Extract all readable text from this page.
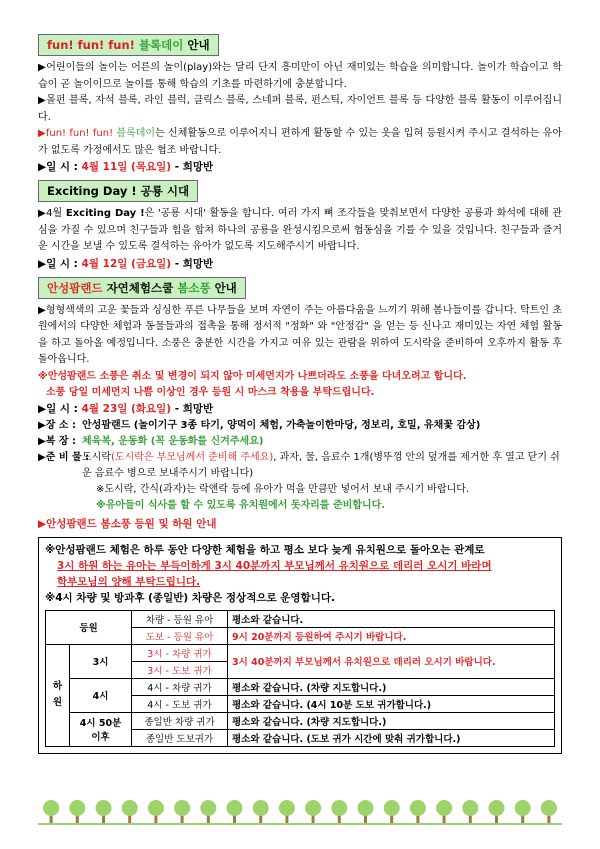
fun! fun! fun! 블록데이 안내

▶어린이들의 놀이는 어른의 놀이(play)와는 달리 단지 흥미만이 아닌 재미있는 학습을 의미합니다. 놀이가 학습이고 학습이 곧 놀이이므로 놀이를 통해 학습의 기초를 마련하기에 충분합니다.

▶몰펀 블록, 자석 블록, 라인 블럭, 클릭스 블록, 스네퍼 블록, 펀스틱, 자이언트 블록 등 다양한 블록 활동이 이루어집니다.

▶fun! fun! fun! 블록데이는 신체활동으로 이루어지니 편하게 활동할 수 있는 옷을 입혀 등원시켜 주시고 결석하는 유아가 없도록 가정에서도 많은 협조 바랍니다.

▶일 시 : 4월 11일 (목요일) - 희망반

Exciting Day ! 공룡 시대

▶4월 Exciting Day !은 '공룡 시대' 활동을 합니다. 여러 가지 뼈 조각들을 맞춰보면서 다양한 공룡과 화석에 대해 관심을 가질 수 있으며 친구들과 힘을 합쳐 하나의 공룡을 완성시킴으로써 협동심을 기를 수 있을 것입니다. 친구들과 즐거운 시간을 보낼 수 있도록 결석하는 유아가 없도록 지도해주시기 바랍니다.

▶일 시 : 4월 12일 (금요일) - 희망반

안성팜랜드 자연체험스쿨 봄소풍 안내

▶형형색색의 고운 꽃들과 싱싱한 푸른 나무들을 보며 자연이 주는 아름다움을 느끼기 위해 봄나들이를 갑니다. 탁트인 초원에서의 다양한 체험과 동물들과의 접촉을 통해 정서적 "정화" 와 "안정감" 을 얻는 등 신나고 재미있는 자연 체험 활동을 하고 돌아올 예정입니다. 소풍은 충분한 시간을 가지고 여유 있는 관람을 위하여 도시락을 준비하여 오후까지 활동 후 돌아옵니다.

※안성팜랜드 소풍은 취소 및 변경이 되지 않아 미세먼지가 나쁘더라도 소풍을 다녀오려고 합니다.

소풍 당일 미세먼지 나쁨 이상인 경우 등원 시 마스크 착용을 부탁드립니다.

▶일 시 : 4월 23일 (화요일) - 희망반

▶장 소 : 안성팜랜드 (놀이기구 3종 타기, 양먹이 체험, 가축놀이한마당, 정보리, 호밀, 유채꽃 감상)
▶복 장 : 체육복, 운동화 (꼭 운동화를 신겨주세요)
▶준 비 물 :
도시락(도시락은 부모님께서 준비해 주세요), 과자, 물, 음료수 1개(병뚜껑 안의 덮개를 제거한 후 열고 닫기 쉬운 음료수 병으로 보내주시기 바랍니다)
※도시락, 간식(과자)는 락앤락 등에 유아가 먹을 만큼만 넣어서 보내 주시기 바랍니다.
※유아들이 식사를 할 수 있도록 유치원에서 돗자리를 준비합니다.

▶안성팜랜드 봄소풍 등원 및 하원 안내

※안성팜랜드 체험은 하루 동안 다양한 체험을 하고 평소 보다 늦게 유치원으로 돌아오는 관계로

3시 하원 하는 유아는 부득이하게 3시 40분까지 부모님께서 유치원으로 데리러 오시기 바라며

학부모님의 양해 부탁드립니다.

※4시 차량 및 방과후 (종일반) 차량은 정상적으로 운영합니다.

등원		차량 - 등원 유아	평소와 같습니다.
		도보 - 등원 유아	9시 20분까지 등원하여 주시기 바랍니다.
하원	3시	3시 - 차량 귀가	3시 40분까지 부모님께서 유치원으로 데리러 오시기 바랍니다.
		3시 - 도보 귀가	
	4시	4시 - 차량 귀가	평소와 같습니다. (차량 지도합니다.)
		4시 - 도보 귀가	평소와 같습니다. (4시 10분 도보 귀가합니다.)
	4시 50분 이후	종일반 차량 귀가	평소와 같습니다. (차량 지도합니다.)
		종일반 도보귀가	평소와 같습니다. (도보 귀가 시간에 맞춰 귀가합니다.)
